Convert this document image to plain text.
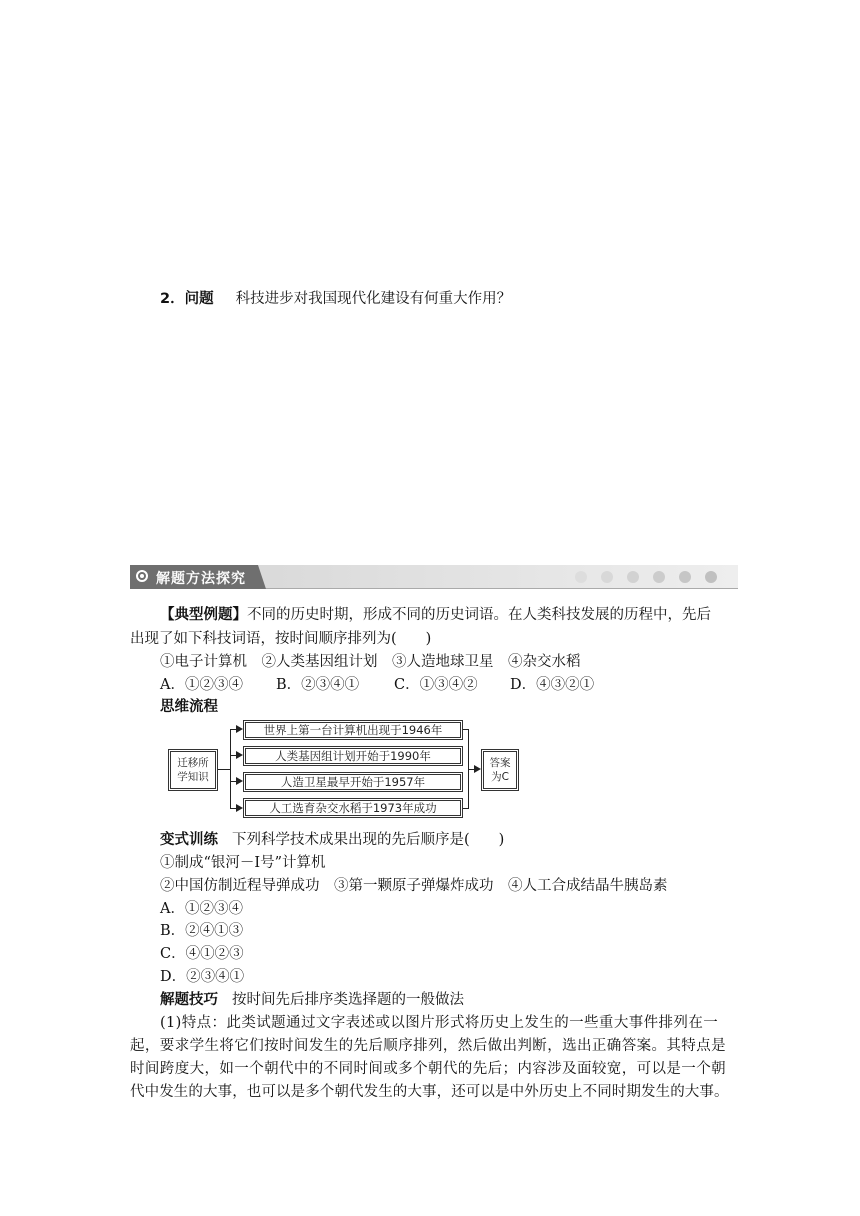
2．问题 科技进步对我国现代化建设有何重大作用？
解题方法探究
【典型例题】不同的历史时期，形成不同的历史词语。在人类科技发展的历程中，先后
出现了如下科技词语，按时间顺序排列为(　　)
①电子计算机　②人类基因组计划　③人造地球卫星　④杂交水稻
A．①②③④ B．②③④① C．①③④② D．④③②①
思维流程
迁移所学知识
世界上第一台计算机出现于1946年
人类基因组计划开始于1990年
人造卫星最早开始于1957年
人工选育杂交水稻于1973年成功
答案为C
变式训练 下列科学技术成果出现的先后顺序是(　　)
①制成“银河－Ⅰ号”计算机
②中国仿制近程导弹成功　③第一颗原子弹爆炸成功　④人工合成结晶牛胰岛素
A．①②③④
B．②④①③
C．④①②③
D．②③④①
解题技巧 按时间先后排序类选择题的一般做法
(1)特点：此类试题通过文字表述或以图片形式将历史上发生的一些重大事件排列在一
起，要求学生将它们按时间发生的先后顺序排列，然后做出判断，选出正确答案。其特点是
时间跨度大，如一个朝代中的不同时间或多个朝代的先后；内容涉及面较宽，可以是一个朝
代中发生的大事，也可以是多个朝代发生的大事，还可以是中外历史上不同时期发生的大事。
